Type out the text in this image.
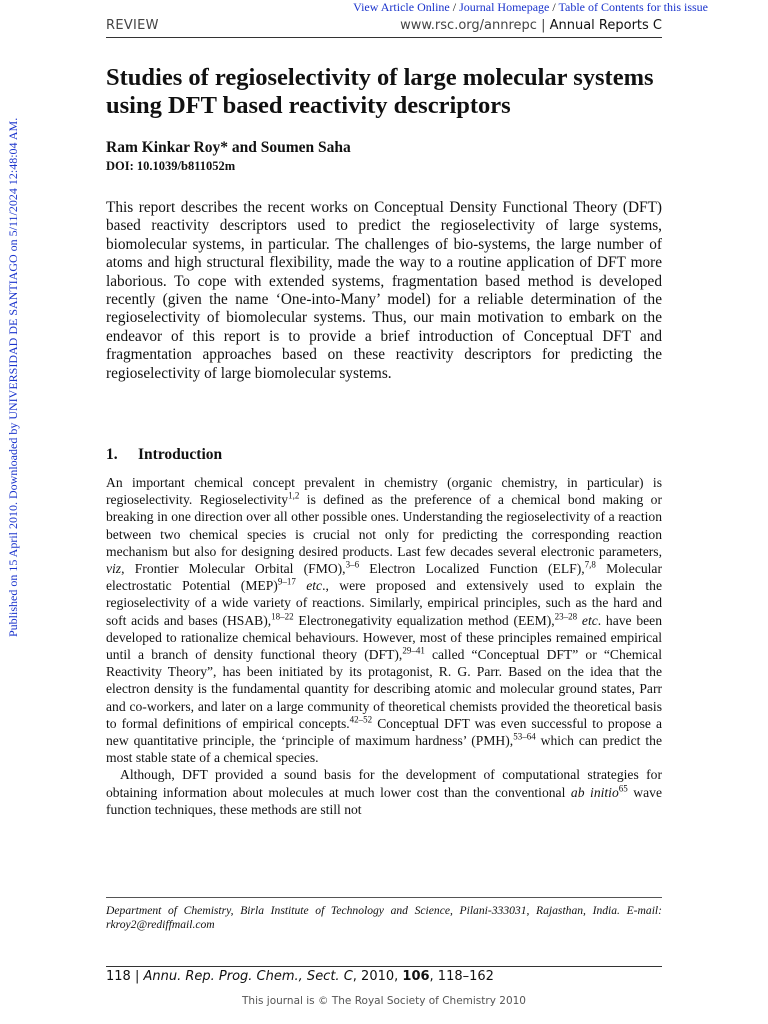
View Article Online / Journal Homepage / Table of Contents for this issue
REVIEW	www.rsc.org/annrepc | Annual Reports C
Published on 15 April 2010. Downloaded by UNIVERSIDAD DE SANTIAGO on 5/11/2024 12:48:04 AM.
Studies of regioselectivity of large molecular systems using DFT based reactivity descriptors
Ram Kinkar Roy* and Soumen Saha
DOI: 10.1039/b811052m

This report describes the recent works on Conceptual Density Functional Theory (DFT) based reactivity descriptors used to predict the regioselectivity of large systems, biomolecular systems, in particular. The challenges of bio-systems, the large number of atoms and high structural flexibility, made the way to a routine application of DFT more laborious. To cope with extended systems, fragmentation based method is developed recently (given the name ‘One-into-Many’ model) for a reliable determination of the regioselectivity of biomolecular systems. Thus, our main motivation to embark on the endeavor of this report is to provide a brief introduction of Conceptual DFT and fragmentation approaches based on these reactivity descriptors for predicting the regioselectivity of large biomolecular systems.

1. Introduction

An important chemical concept prevalent in chemistry (organic chemistry, in particular) is regioselectivity. Regioselectivity$^{1,2}$ is defined as the preference of a chemical bond making or breaking in one direction over all other possible ones. Understanding the regioselectivity of a reaction between two chemical species is crucial not only for predicting the corresponding reaction mechanism but also for designing desired products. Last few decades several electronic parameters, viz, Frontier Molecular Orbital (FMO),$^{3-6}$ Electron Localized Function (ELF),$^{7,8}$ Molecular electrostatic Potential (MEP)$^{9-17}$ etc., were proposed and extensively used to explain the regioselectivity of a wide variety of reactions. Similarly, empirical principles, such as the hard and soft acids and bases (HSAB),$^{18-22}$ Electronegativity equalization method (EEM),$^{23-28}$ etc. have been developed to rationalize chemical behaviours. However, most of these principles remained empirical until a branch of density functional theory (DFT),$^{29-41}$ called “Conceptual DFT” or “Chemical Reactivity Theory”, has been initiated by its protagonist, R. G. Parr. Based on the idea that the electron density is the fundamental quantity for describing atomic and molecular ground states, Parr and co-workers, and later on a large community of theoretical chemists provided the theoretical basis to formal definitions of empirical concepts.$^{42-52}$ Conceptual DFT was even successful to propose a new quantitative principle, the ‘principle of maximum hardness’ (PMH),$^{53-64}$ which can predict the most stable state of a chemical species.

Although, DFT provided a sound basis for the development of computational strategies for obtaining information about molecules at much lower cost than the conventional ab initio$^{65}$ wave function techniques, these methods are still not

Department of Chemistry, Birla Institute of Technology and Science, Pilani-333031, Rajasthan, India. E-mail: rkroy2@rediffmail.com
118 | Annu. Rep. Prog. Chem., Sect. C, 2010, 106, 118–162
This journal is © The Royal Society of Chemistry 2010
